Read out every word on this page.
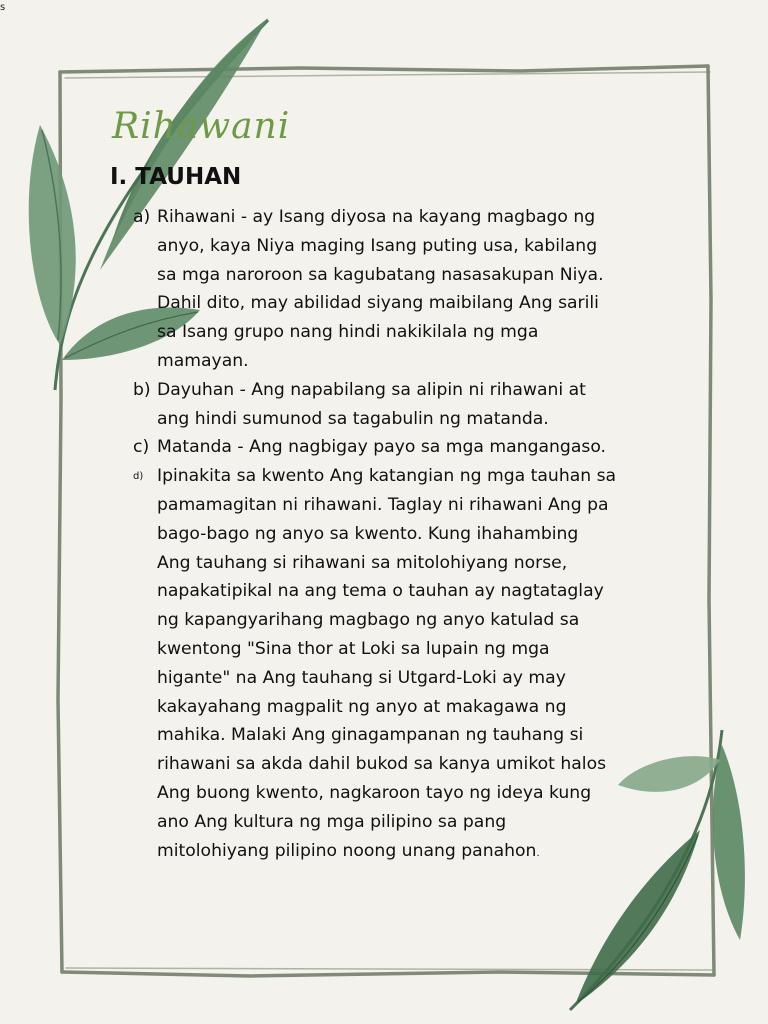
s
Rihawani
I. TAUHAN
a) Rihawani - ay Isang diyosa na kayang magbago ng
anyo, kaya Niya maging Isang puting usa, kabilang
sa mga naroroon sa kagubatang nasasakupan Niya.
Dahil dito, may abilidad siyang maibilang Ang sarili
sa Isang grupo nang hindi nakikilala ng mga
mamayan.
b) Dayuhan - Ang napabilang sa alipin ni rihawani at
ang hindi sumunod sa tagabulin ng matanda.
c) Matanda - Ang nagbigay payo sa mga mangangaso.
d) Ipinakita sa kwento Ang katangian ng mga tauhan sa
pamamagitan ni rihawani. Taglay ni rihawani Ang pa
bago-bago ng anyo sa kwento. Kung ihahambing
Ang tauhang si rihawani sa mitolohiyang norse,
napakatipikal na ang tema o tauhan ay nagtataglay
ng kapangyarihang magbago ng anyo katulad sa
kwentong "Sina thor at Loki sa lupain ng mga
higante" na Ang tauhang si Utgard-Loki ay may
kakayahang magpalit ng anyo at makagawa ng
mahika. Malaki Ang ginagampanan ng tauhang si
rihawani sa akda dahil bukod sa kanya umikot halos
Ang buong kwento, nagkaroon tayo ng ideya kung
ano Ang kultura ng mga pilipino sa pang
mitolohiyang pilipino noong unang panahon.
